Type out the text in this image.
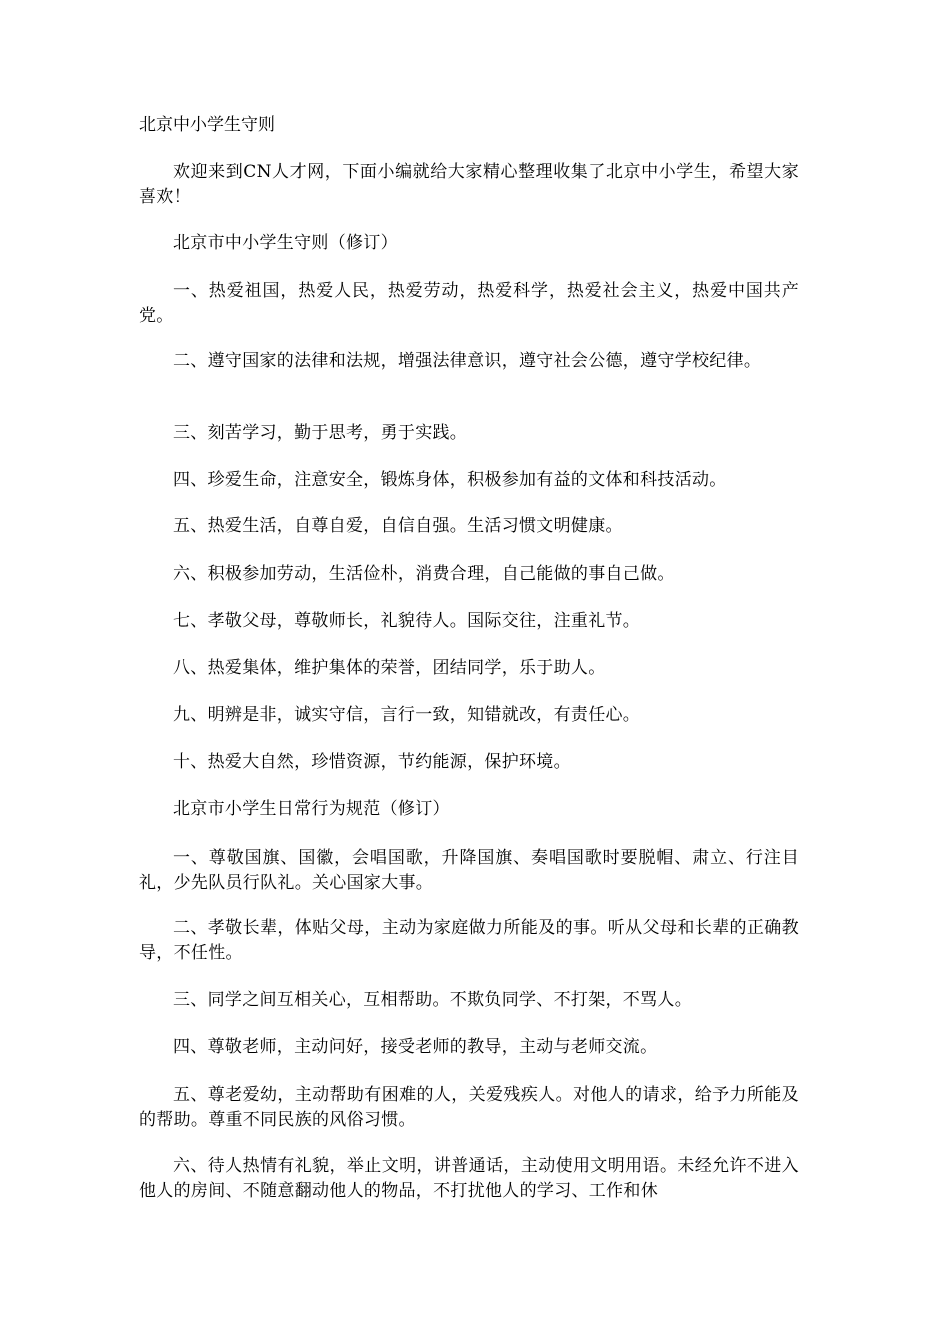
北京中小学生守则

欢迎来到CN人才网，下面小编就给大家精心整理收集了北京中小学生，希望大家喜欢！

北京市中小学生守则（修订）

一、热爱祖国，热爱人民，热爱劳动，热爱科学，热爱社会主义，热爱中国共产党。

二、遵守国家的法律和法规，增强法律意识，遵守社会公德，遵守学校纪律。

三、刻苦学习，勤于思考，勇于实践。

四、珍爱生命，注意安全，锻炼身体，积极参加有益的文体和科技活动。

五、热爱生活，自尊自爱，自信自强。生活习惯文明健康。

六、积极参加劳动，生活俭朴，消费合理，自己能做的事自己做。

七、孝敬父母，尊敬师长，礼貌待人。国际交往，注重礼节。

八、热爱集体，维护集体的荣誉，团结同学，乐于助人。

九、明辨是非，诚实守信，言行一致，知错就改，有责任心。

十、热爱大自然，珍惜资源，节约能源，保护环境。

北京市小学生日常行为规范（修订）

一、尊敬国旗、国徽，会唱国歌，升降国旗、奏唱国歌时要脱帽、肃立、行注目礼，少先队员行队礼。关心国家大事。

二、孝敬长辈，体贴父母，主动为家庭做力所能及的事。听从父母和长辈的正确教导，不任性。

三、同学之间互相关心，互相帮助。不欺负同学、不打架，不骂人。

四、尊敬老师，主动问好，接受老师的教导，主动与老师交流。

五、尊老爱幼，主动帮助有困难的人，关爱残疾人。对他人的请求，给予力所能及的帮助。尊重不同民族的风俗习惯。

六、待人热情有礼貌，举止文明，讲普通话，主动使用文明用语。未经允许不进入他人的房间、不随意翻动他人的物品，不打扰他人的学习、工作和休
